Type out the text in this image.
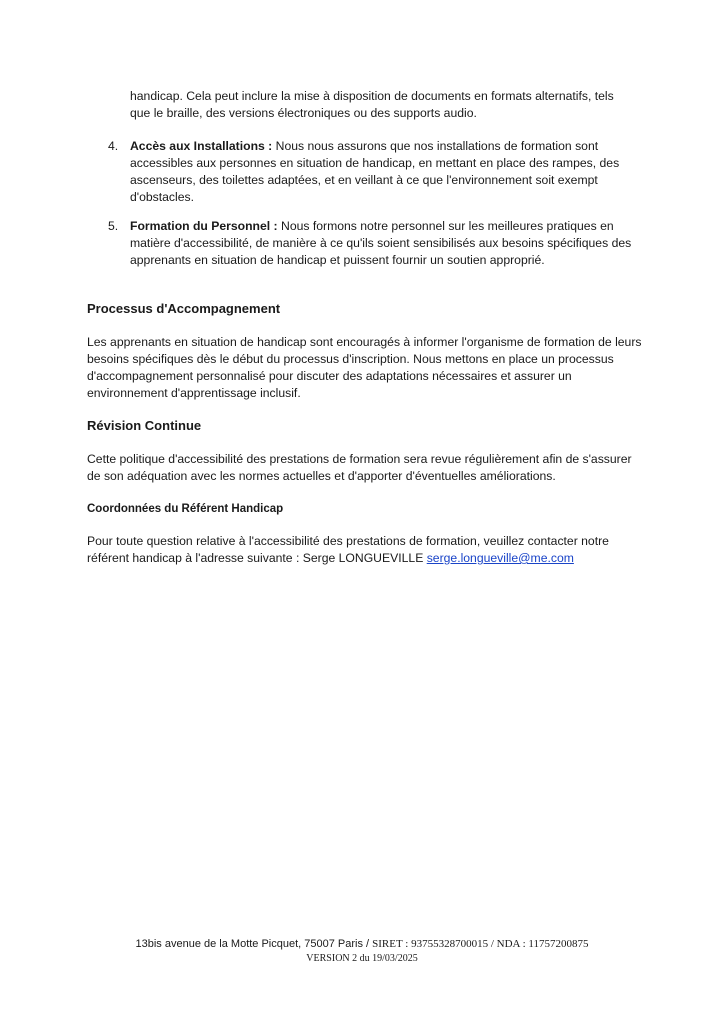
handicap. Cela peut inclure la mise à disposition de documents en formats alternatifs, tels que le braille, des versions électroniques ou des supports audio.

4. Accès aux Installations : Nous nous assurons que nos installations de formation sont accessibles aux personnes en situation de handicap, en mettant en place des rampes, des ascenseurs, des toilettes adaptées, et en veillant à ce que l'environnement soit exempt d'obstacles.
5. Formation du Personnel : Nous formons notre personnel sur les meilleures pratiques en matière d'accessibilité, de manière à ce qu'ils soient sensibilisés aux besoins spécifiques des apprenants en situation de handicap et puissent fournir un soutien approprié.
Processus d'Accompagnement

Les apprenants en situation de handicap sont encouragés à informer l'organisme de formation de leurs besoins spécifiques dès le début du processus d'inscription. Nous mettons en place un processus d'accompagnement personnalisé pour discuter des adaptations nécessaires et assurer un environnement d'apprentissage inclusif.

Révision Continue

Cette politique d'accessibilité des prestations de formation sera revue régulièrement afin de s'assurer de son adéquation avec les normes actuelles et d'apporter d'éventuelles améliorations.

Coordonnées du Référent Handicap

Pour toute question relative à l'accessibilité des prestations de formation, veuillez contacter notre référent handicap à l'adresse suivante : Serge LONGUEVILLE serge.longueville@me.com

13bis avenue de la Motte Picquet, 75007 Paris / SIRET : 93755328700015 / NDA : 11757200875
VERSION 2 du 19/03/2025
